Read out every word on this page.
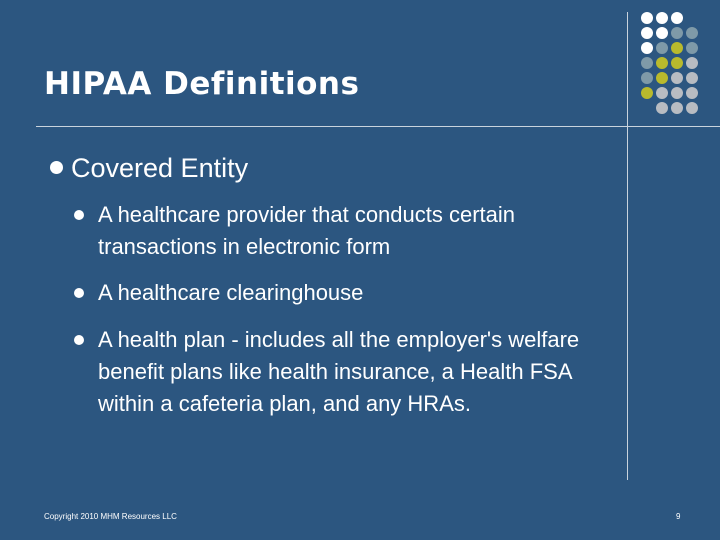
HIPAA Definitions
Covered Entity
A healthcare provider that conducts certain transactions in electronic form
A healthcare clearinghouse
A health plan - includes all the employer's welfare benefit plans like health insurance, a Health FSA within a cafeteria plan, and any HRAs.
Copyright 2010 MHM Resources LLC	9
